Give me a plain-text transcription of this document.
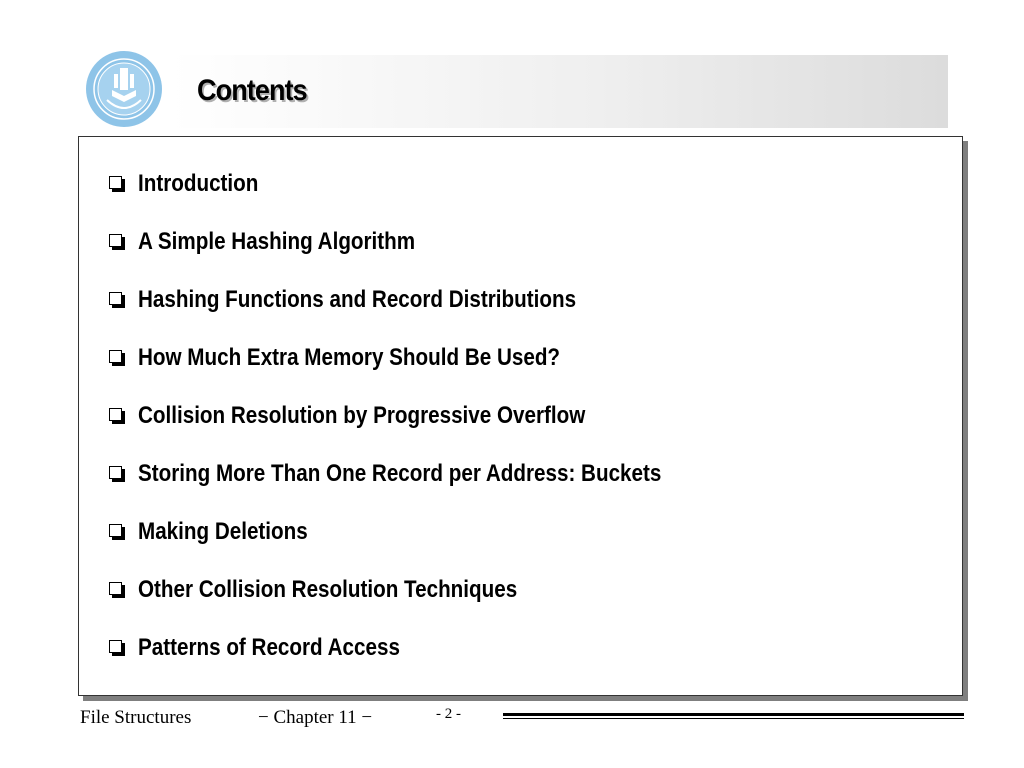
Contents
Introduction
A Simple Hashing Algorithm
Hashing Functions and Record Distributions
How Much Extra Memory Should Be Used?
Collision Resolution by Progressive Overflow
Storing More Than One Record per Address: Buckets
Making Deletions
Other Collision Resolution Techniques
Patterns of Record Access
File Structures	− Chapter 11 −	- 2 -
